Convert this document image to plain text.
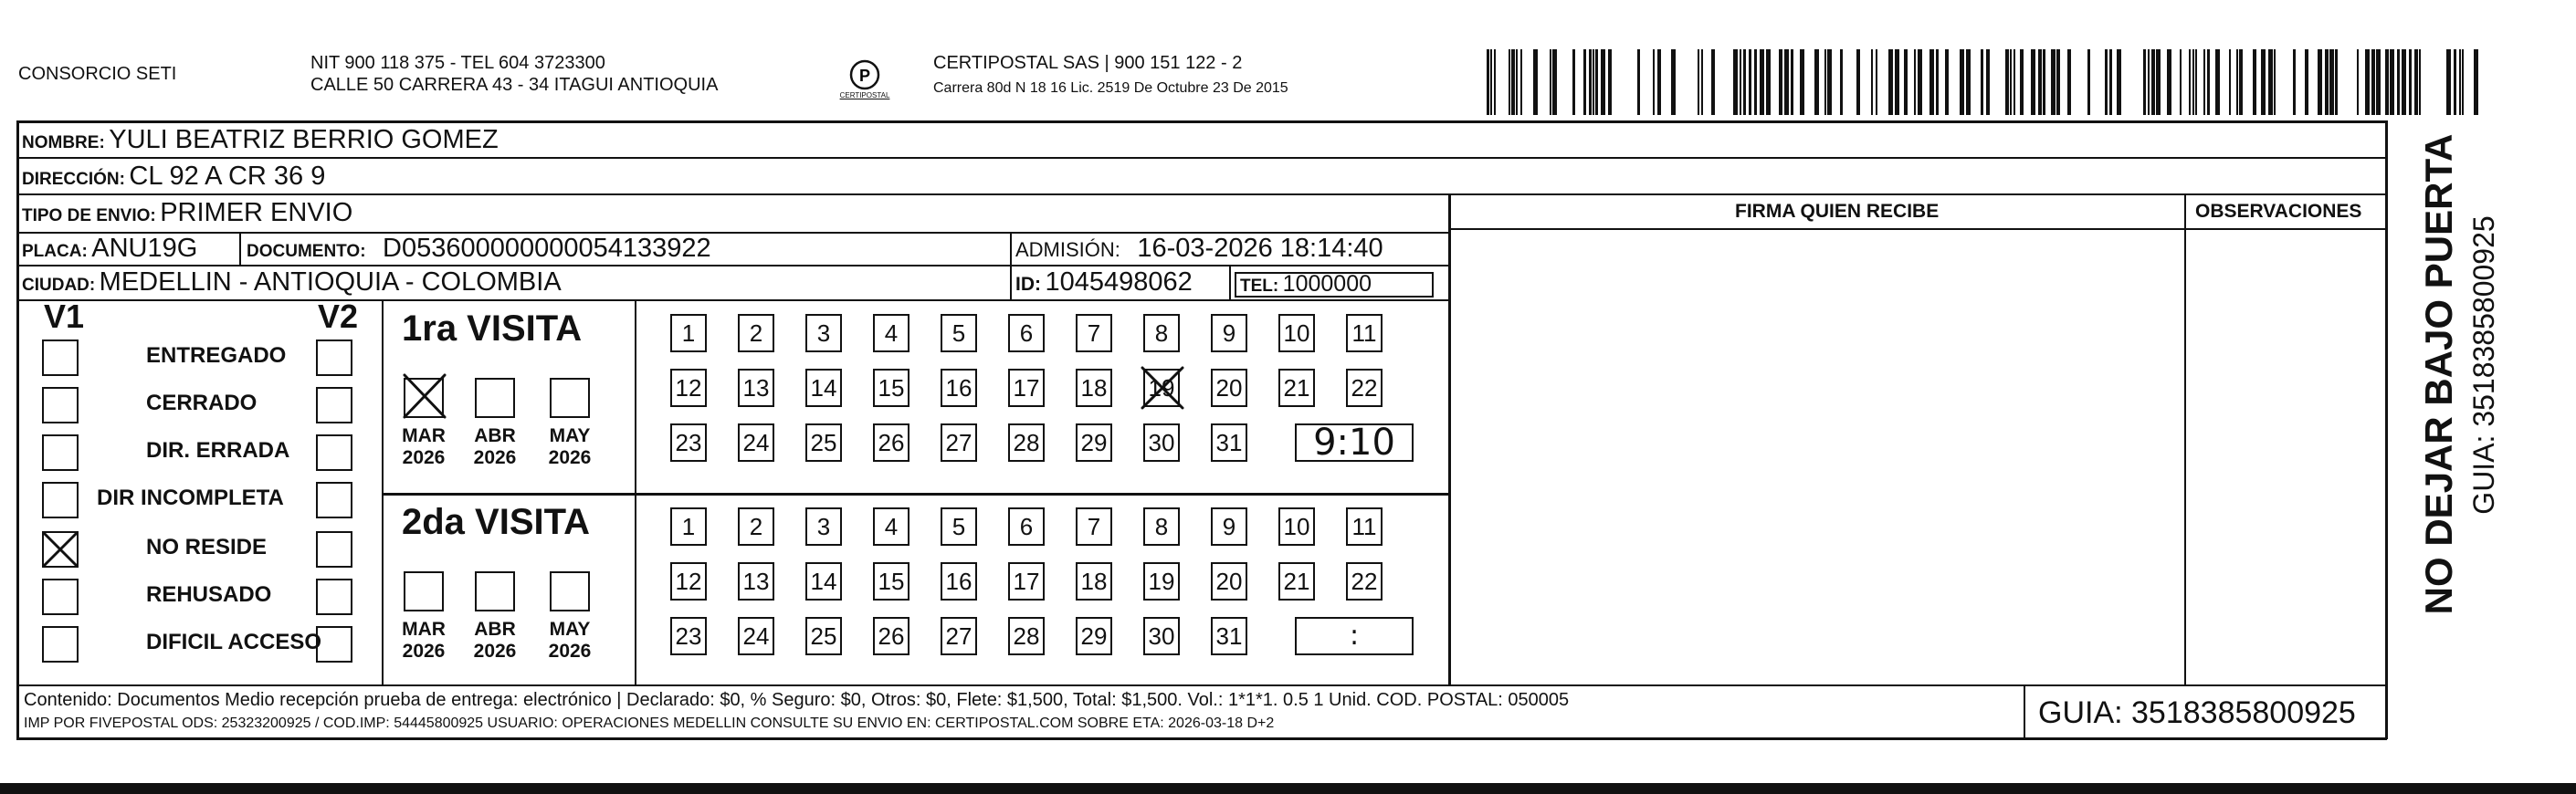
CONSORCIO SETI
NIT 900 118 375 - TEL 604 3723300
CALLE 50 CARRERA 43 - 34 ITAGUI ANTIOQUIA	P
CERTIPOSTAL
CERTIPOSTAL SAS | 900 151 122 - 2
Carrera 80d N 18 16 Lic. 2519 De Octubre 23 De 2015
NOMBRE: YULI BEATRIZ BERRIO GOMEZ
DIRECCIÓN: CL 92 A CR 36 9
TIPO DE ENVIO: PRIMER ENVIO	FIRMA QUIEN RECIBE	OBSERVACIONES
PLACA: ANU19G	DOCUMENTO: D053600000000054133922	ADMISIÓN: 16-03-2026 18:14:40
CIUDAD: MEDELLIN - ANTIOQUIA - COLOMBIA	ID: 1045498062	TEL: 1000000
V1	V2
ENTREGADO
CERRADO
DIR. ERRADA
DIR INCOMPLETA
NO RESIDE
REHUSADO
DIFICIL ACCESO
1ra VISITA
MAR
2026
ABR
2026
MAY
2026
1	2	3	4	5	6	7	8	9	10 11
12 13 14 15 16 17 18 19 20 21 22
23 24 25 26 27 28 29 30 31	9:10
2da VISITA
MAR
2026
ABR
2026
MAY
2026
1	2	3	4	5	6	7	8	9	10 11
12 13 14 15 16 17 18 19 20 21 22
23 24 25 26 27 28 29 30 31	:
Contenido: Documentos Medio recepción prueba de entrega: electrónico | Declarado: $0, % Seguro: $0, Otros: $0, Flete: $1,500, Total: $1,500. Vol.: 1*1*1. 0.5 1 Unid. COD. POSTAL: 050005
IMP POR FIVEPOSTAL ODS: 25323200925 / COD.IMP: 54445800925 USUARIO: OPERACIONES MEDELLIN CONSULTE SU ENVIO EN: CERTIPOSTAL.COM SOBRE ETA: 2026-03-18 D+2	GUIA: 3518385800925
NO DEJAR BAJO PUERTA GUIA: 3518385800925
